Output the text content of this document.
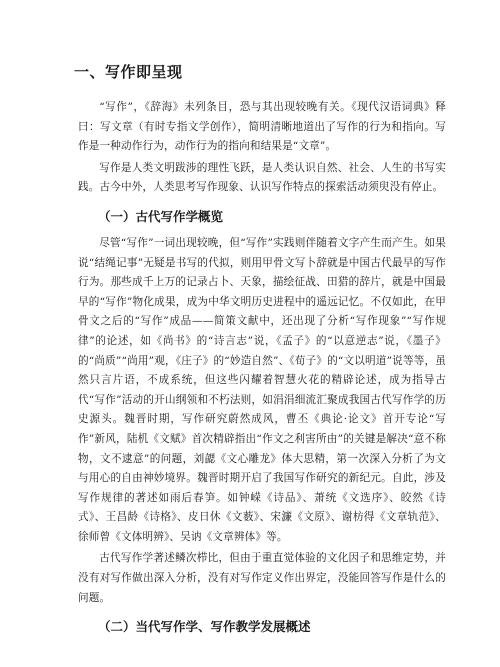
一、写作即呈现

“写作”，《辞海》未列条目，恐与其出现较晚有关。《现代汉语词典》释曰：写文章（有时专指文学创作），简明清晰地道出了写作的行为和指向。写作是一种动作行为，动作行为的指向和结果是“文章”。

写作是人类文明跋涉的理性飞跃，是人类认识自然、社会、人生的书写实践。古今中外，人类思考写作现象、认识写作特点的探索活动须臾没有停止。

（一）古代写作学概览

尽管“写作”一词出现较晚，但“写作”实践则伴随着文字产生而产生。如果说“结绳记事”无疑是书写的代拟，则用甲骨文写卜辞就是中国古代最早的写作行为。那些成千上万的记录占卜、天象，描绘征战、田猎的辞片，就是中国最早的“写作”物化成果，成为中华文明历史进程中的遥远记忆。不仅如此，在甲骨文之后的“写作”成品——简策文献中，还出现了分析“写作现象”“写作规律”的论述，如《尚书》的“诗言志”说，《孟子》的“以意逆志”说，《墨子》的“尚质”“尚用”观，《庄子》的“妙造自然”、《荀子》的“文以明道”说等等，虽然只言片语，不成系统，但这些闪耀着智慧火花的精辟论述，成为指导古代“写作”活动的开山纲领和不朽法则，如涓涓细流汇聚成我国古代写作学的历史源头。魏晋时期，写作研究蔚然成风，曹丕《典论·论文》首开专论“写作”新风，陆机《文赋》首次精辟指出“作文之利害所由”的关键是解决“意不称物，文不逮意”的问题，刘勰《文心雕龙》体大思精，第一次深入分析了为文与用心的自由神妙境界。魏晋时期开启了我国写作研究的新纪元。自此，涉及写作规律的著述如雨后春笋。如钟嵘《诗品》、萧统《文选序》、皎然《诗式》、王昌龄《诗格》、皮日休《文薮》、宋濂《文原》、谢枋得《文章轨范》、徐师曾《文体明辨》、吴讷《文章辨体》等。

古代写作学著述鳞次栉比，但由于重直觉体验的文化因子和思维定势，并没有对写作做出深入分析，没有对写作定义作出界定，没能回答写作是什么的问题。

（二）当代写作学、写作教学发展概述
